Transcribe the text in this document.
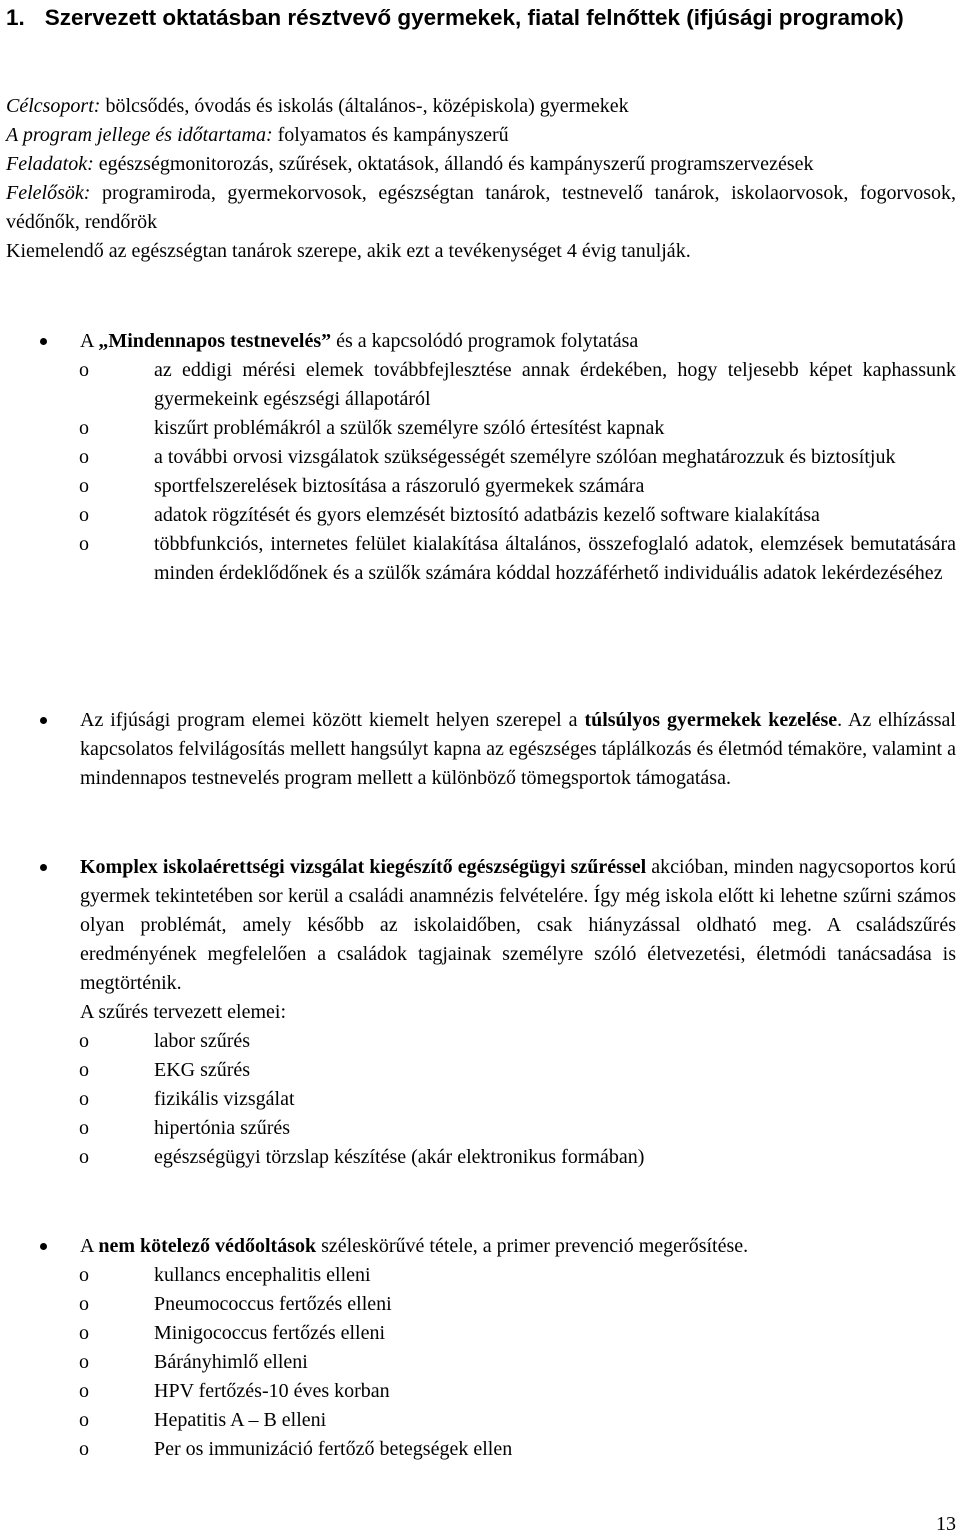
1. Szervezett oktatásban résztvevő gyermekek, fiatal felnőttek (ifjúsági programok)

Célcsoport: bölcsődés, óvodás és iskolás (általános-, középiskola) gyermekek

A program jellege és időtartama: folyamatos és kampányszerű

Feladatok: egészségmonitorozás, szűrések, oktatások, állandó és kampányszerű programszervezések

Felelősök: programiroda, gyermekorvosok, egészségtan tanárok, testnevelő tanárok, iskolaorvosok, fogorvosok, védőnők, rendőrök

Kiemelendő az egészségtan tanárok szerepe, akik ezt a tevékenységet 4 évig tanulják.

A „Mindennapos testnevelés” és a kapcsolódó programok folytatása
o	az eddigi mérési elemek továbbfejlesztése annak érdekében, hogy teljesebb képet kaphassunk gyermekeink egészségi állapotáról
o	kiszűrt problémákról a szülők személyre szóló értesítést kapnak
o	a további orvosi vizsgálatok szükségességét személyre szólóan meghatározzuk és biztosítjuk
o	sportfelszerelések biztosítása a rászoruló gyermekek számára
o	adatok rögzítését és gyors elemzését biztosító adatbázis kezelő software kialakítása
o	többfunkciós, internetes felület kialakítása általános, összefoglaló adatok, elemzések bemutatására minden érdeklődőnek és a szülők számára kóddal hozzáférhető individuális adatok lekérdezéséhez
Az ifjúsági program elemei között kiemelt helyen szerepel a túlsúlyos gyermekek kezelése. Az elhízással kapcsolatos felvilágosítás mellett hangsúlyt kapna az egészséges táplálkozás és életmód témaköre, valamint a mindennapos testnevelés program mellett a különböző tömegsportok támogatása.
Komplex iskolaérettségi vizsgálat kiegészítő egészségügyi szűréssel akcióban, minden nagycsoportos korú gyermek tekintetében sor kerül a családi anamnézis felvételére. Így még iskola előtt ki lehetne szűrni számos olyan problémát, amely később az iskolaidőben, csak hiányzással oldható meg. A családszűrés eredményének megfelelően a családok tagjainak személyre szóló életvezetési, életmódi tanácsadása is megtörténik.
A szűrés tervezett elemei:
o	labor szűrés
o	EKG szűrés
o	fizikális vizsgálat
o	hipertónia szűrés
o	egészségügyi törzslap készítése (akár elektronikus formában)
A nem kötelező védőoltások széleskörűvé tétele, a primer prevenció megerősítése.
o	kullancs encephalitis elleni
o	Pneumococcus fertőzés elleni
o	Minigococcus fertőzés elleni
o	Bárányhimlő elleni
o	HPV fertőzés-10 éves korban
o	Hepatitis A – B elleni
o	Per os immunizáció fertőző betegségek ellen
13
